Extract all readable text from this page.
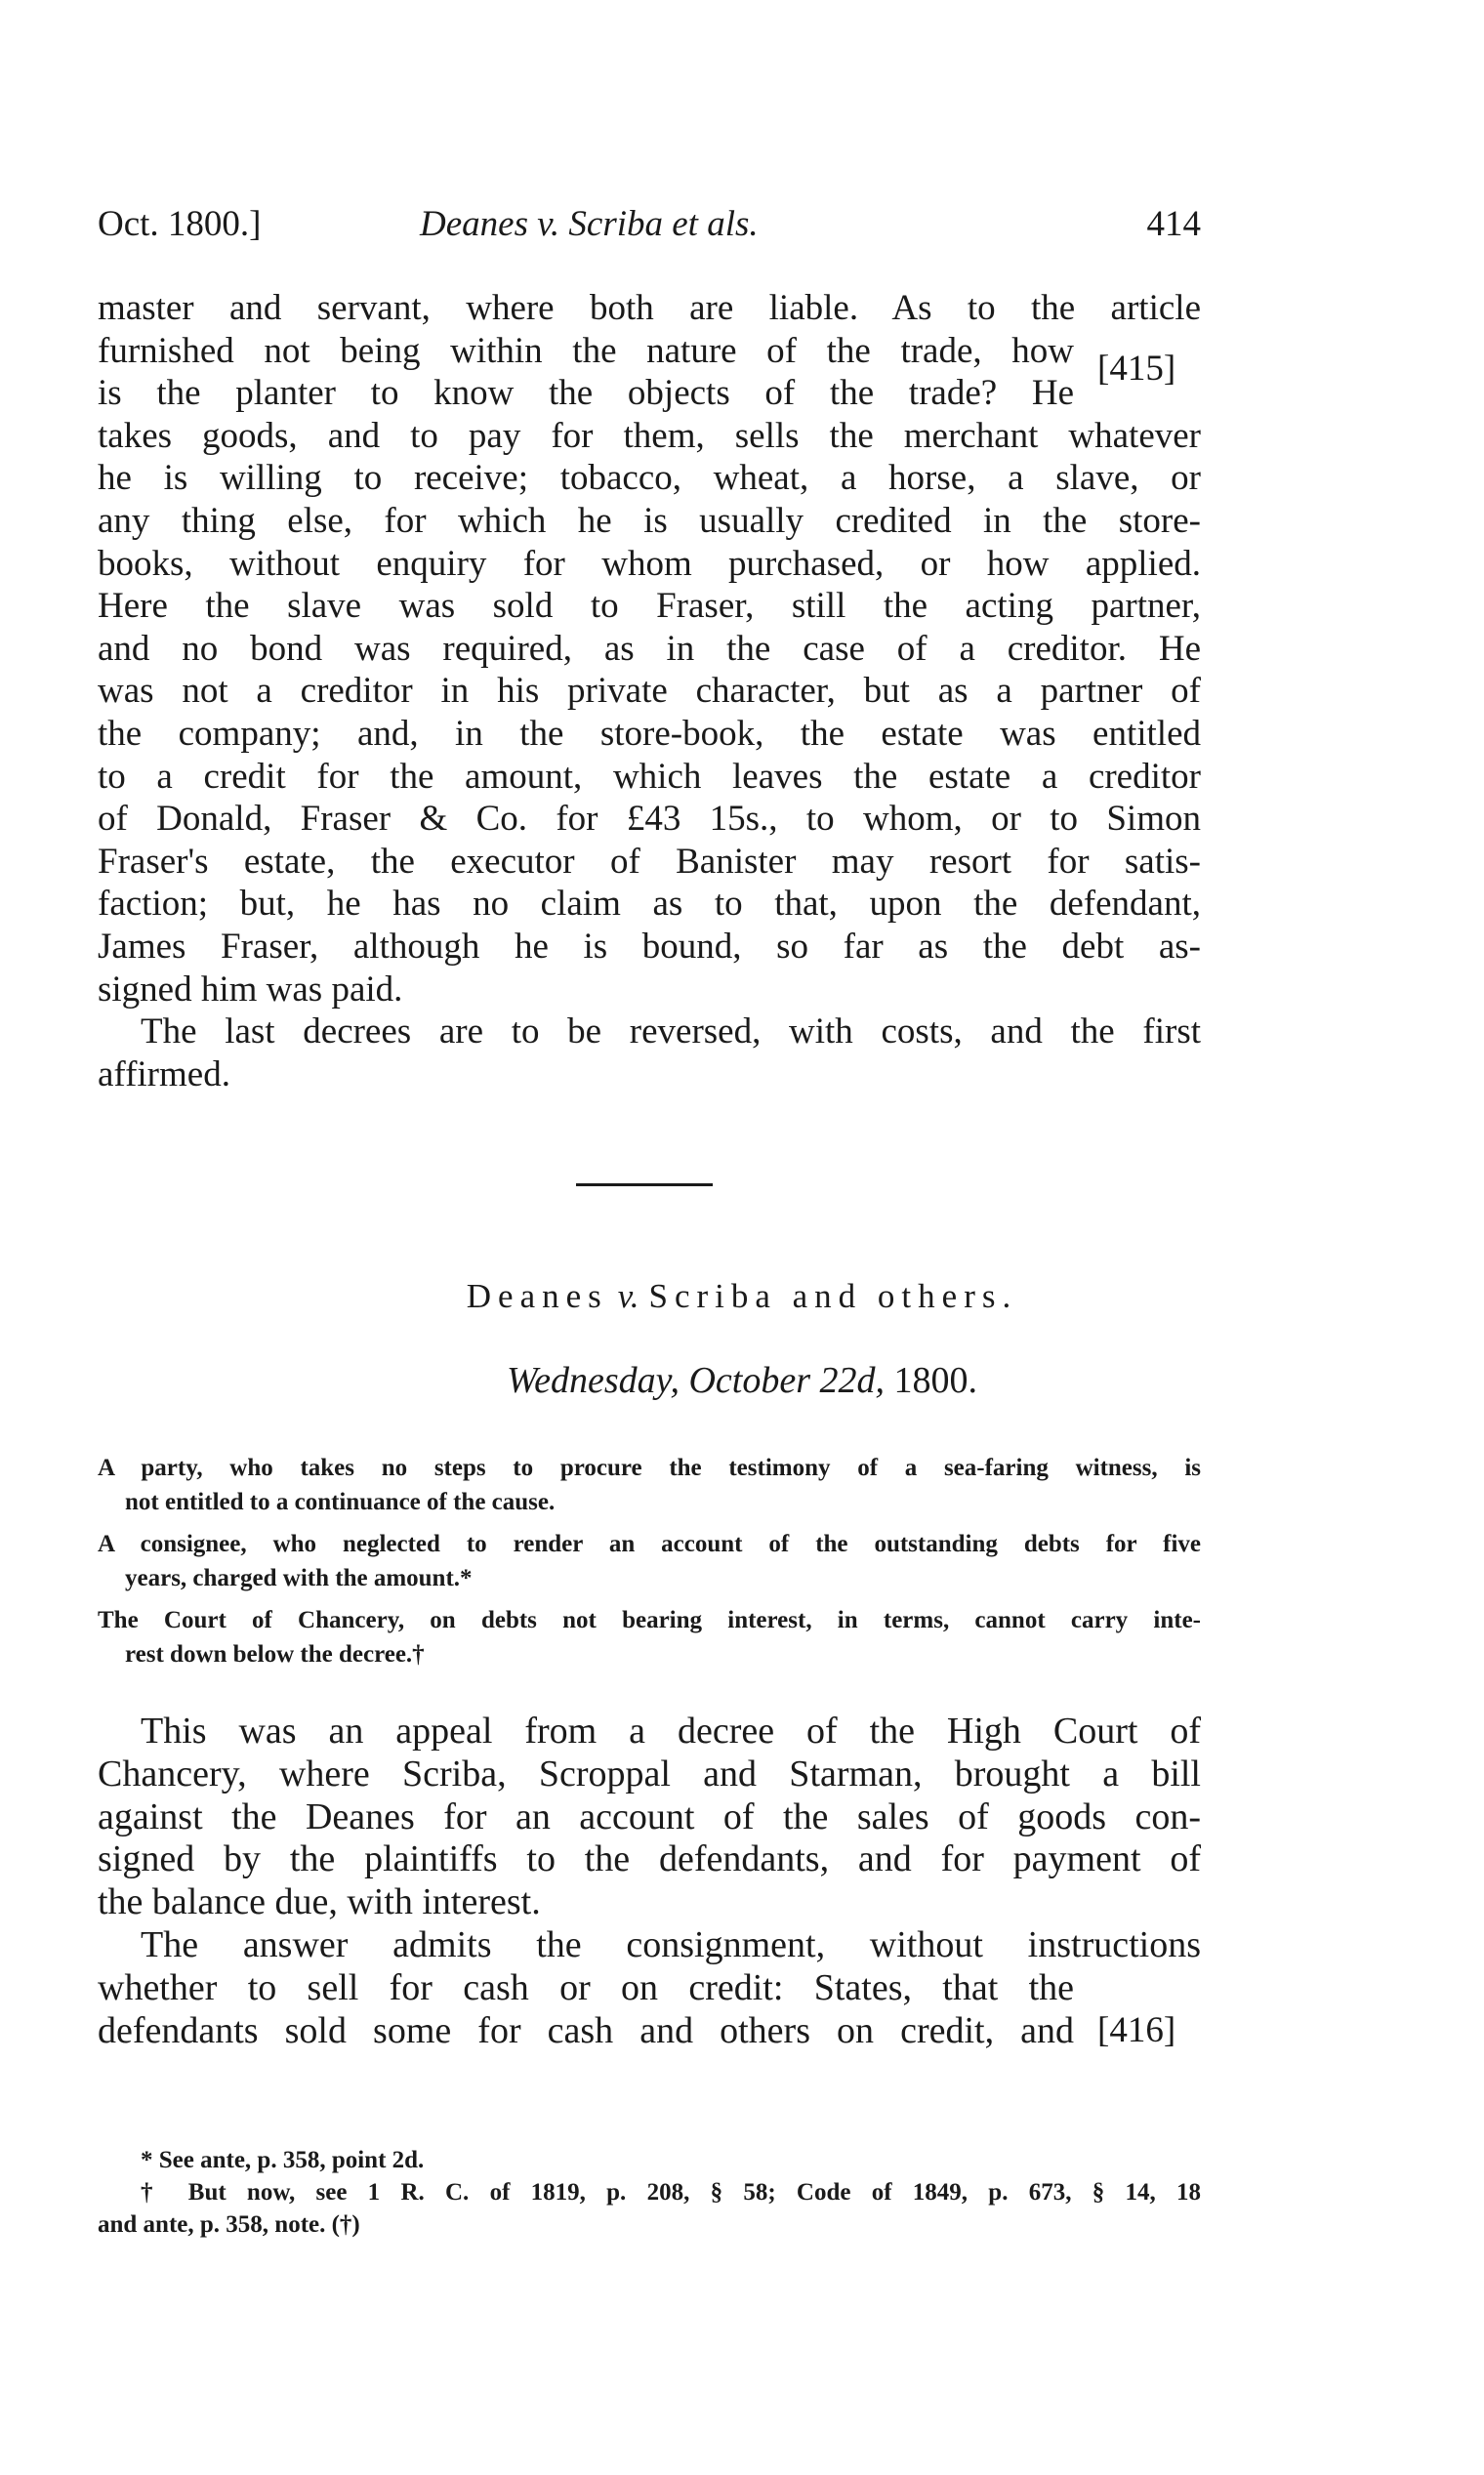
Oct. 1800.]	Deanes v. Scriba et als.	414
master and servant, where both are liable. As to the article
furnished not being within the nature of the trade, how
is the planter to know the objects of the trade? He
takes goods, and to pay for them, sells the merchant whatever
he is willing to receive; tobacco, wheat, a horse, a slave, or
any thing else, for which he is usually credited in the store-
books, without enquiry for whom purchased, or how applied.
Here the slave was sold to Fraser, still the acting partner,
and no bond was required, as in the case of a creditor. He
was not a creditor in his private character, but as a partner of
the company; and, in the store-book, the estate was entitled
to a credit for the amount, which leaves the estate a creditor
of Donald, Fraser & Co. for £43 15s., to whom, or to Simon
Fraser's estate, the executor of Banister may resort for satis-
faction; but, he has no claim as to that, upon the defendant,
James Fraser, although he is bound, so far as the debt as-
signed him was paid.
The last decrees are to be reversed, with costs, and the first
affirmed.
[415]
Deanes v. Scriba and others.
Wednesday, October 22d, 1800.
A party, who takes no steps to procure the testimony of a sea-faring witness, is
not entitled to a continuance of the cause.
A consignee, who neglected to render an account of the outstanding debts for five
years, charged with the amount.*
The Court of Chancery, on debts not bearing interest, in terms, cannot carry inte-
rest down below the decree.†
This was an appeal from a decree of the High Court of
Chancery, where Scriba, Scroppal and Starman, brought a bill
against the Deanes for an account of the sales of goods con-
signed by the plaintiffs to the defendants, and for payment of
the balance due, with interest.
The answer admits the consignment, without instructions
whether to sell for cash or on credit: States, that the
defendants sold some for cash and others on credit, and [416]
* See ante, p. 358, point 2d.
† But now, see 1 R. C. of 1819, p. 208, § 58; Code of 1849, p. 673, § 14, 18
and ante, p. 358, note. (†)
